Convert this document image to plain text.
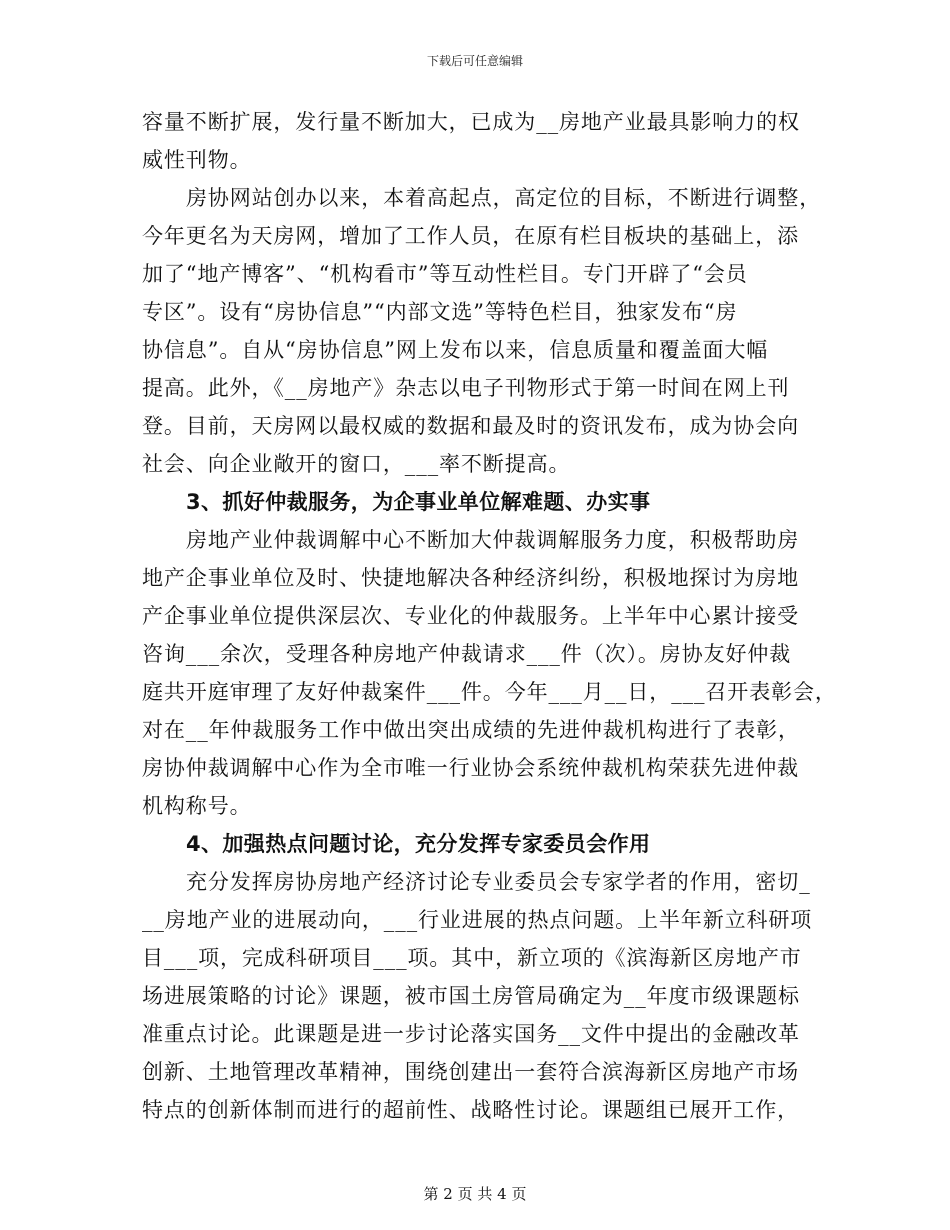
下载后可任意编辑
容量不断扩展，发行量不断加大，已成为__房地产业最具影响力的权
威性刊物。
房协网站创办以来，本着高起点，高定位的目标，不断进行调整，
今年更名为天房网，增加了工作人员，在原有栏目板块的基础上，添
加了“地产博客”、“机构看市”等互动性栏目。专门开辟了“会员
专区”。设有“房协信息”“内部文选”等特色栏目，独家发布“房
协信息”。自从“房协信息”网上发布以来，信息质量和覆盖面大幅
提高。此外，《__房地产》杂志以电子刊物形式于第一时间在网上刊
登。目前，天房网以最权威的数据和最及时的资讯发布，成为协会向
社会、向企业敞开的窗口，___率不断提高。
3、抓好仲裁服务，为企事业单位解难题、办实事
房地产业仲裁调解中心不断加大仲裁调解服务力度，积极帮助房
地产企事业单位及时、快捷地解决各种经济纠纷，积极地探讨为房地
产企事业单位提供深层次、专业化的仲裁服务。上半年中心累计接受
咨询___余次，受理各种房地产仲裁请求___件（次）。房协友好仲裁
庭共开庭审理了友好仲裁案件___件。今年___月__日，___召开表彰会，
对在__年仲裁服务工作中做出突出成绩的先进仲裁机构进行了表彰，
房协仲裁调解中心作为全市唯一行业协会系统仲裁机构荣获先进仲裁
机构称号。
4、加强热点问题讨论，充分发挥专家委员会作用
充分发挥房协房地产经济讨论专业委员会专家学者的作用，密切_
__房地产业的进展动向，___行业进展的热点问题。上半年新立科研项
目___项，完成科研项目___项。其中，新立项的《滨海新区房地产市
场进展策略的讨论》课题，被市国土房管局确定为__年度市级课题标
准重点讨论。此课题是进一步讨论落实国务__文件中提出的金融改革
创新、土地管理改革精神，围绕创建出一套符合滨海新区房地产市场
特点的创新体制而进行的超前性、战略性讨论。课题组已展开工作，
第 2 页 共 4 页
